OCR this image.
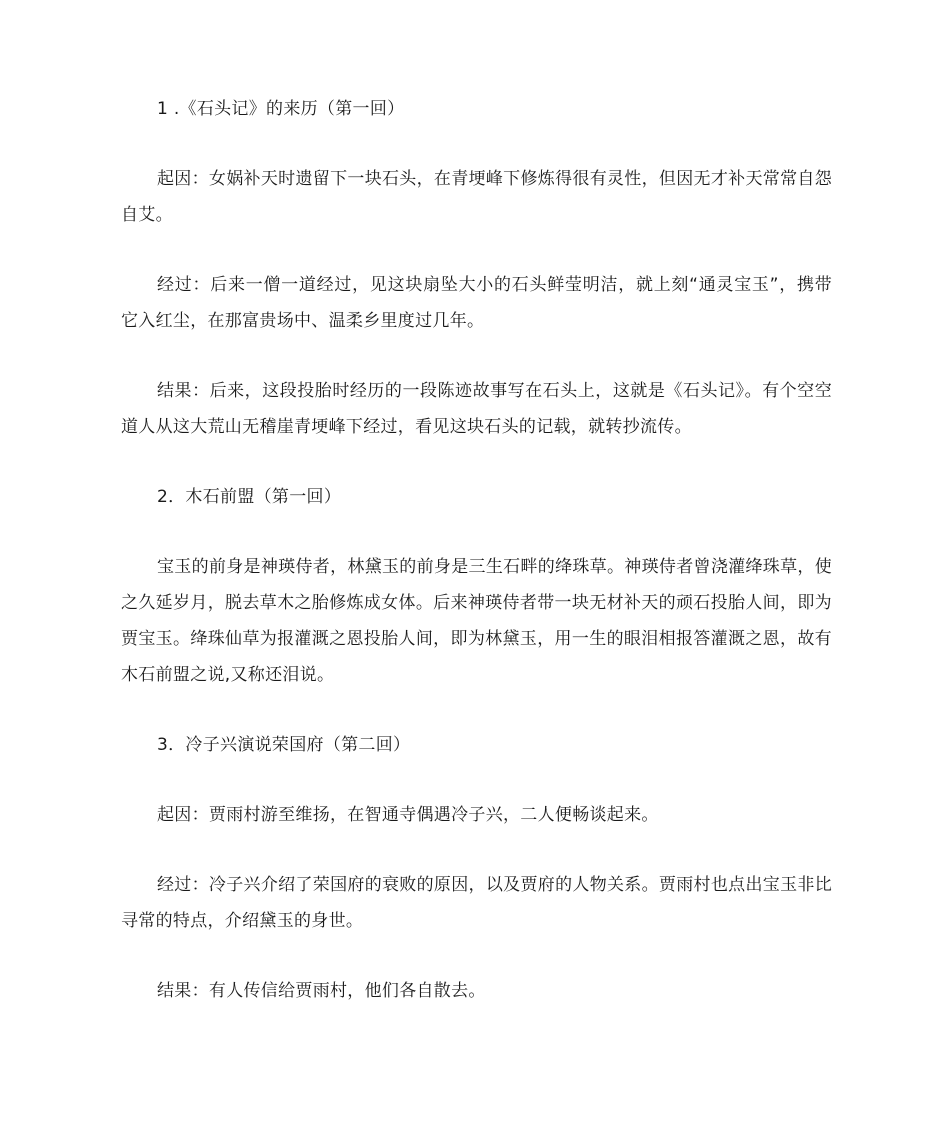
1 .《石头记》的来历（第一回）

起因：女娲补天时遗留下一块石头，在青埂峰下修炼得很有灵性，但因无才补天常常自怨自艾。

经过：后来一僧一道经过，见这块扇坠大小的石头鲜莹明洁，就上刻“通灵宝玉”，携带它入红尘，在那富贵场中、温柔乡里度过几年。

结果：后来，这段投胎时经历的一段陈迹故事写在石头上，这就是《石头记》。有个空空道人从这大荒山无稽崖青埂峰下经过，看见这块石头的记载，就转抄流传。

2．木石前盟（第一回）

宝玉的前身是神瑛侍者，林黛玉的前身是三生石畔的绛珠草。神瑛侍者曾浇灌绛珠草，使之久延岁月，脱去草木之胎修炼成女体。后来神瑛侍者带一块无材补天的顽石投胎人间，即为贾宝玉。绛珠仙草为报灌溉之恩投胎人间，即为林黛玉，用一生的眼泪相报答灌溉之恩，故有木石前盟之说,又称还泪说。

3．冷子兴演说荣国府（第二回）

起因：贾雨村游至维扬，在智通寺偶遇冷子兴，二人便畅谈起来。

经过：冷子兴介绍了荣国府的衰败的原因，以及贾府的人物关系。贾雨村也点出宝玉非比寻常的特点，介绍黛玉的身世。

结果：有人传信给贾雨村，他们各自散去。
